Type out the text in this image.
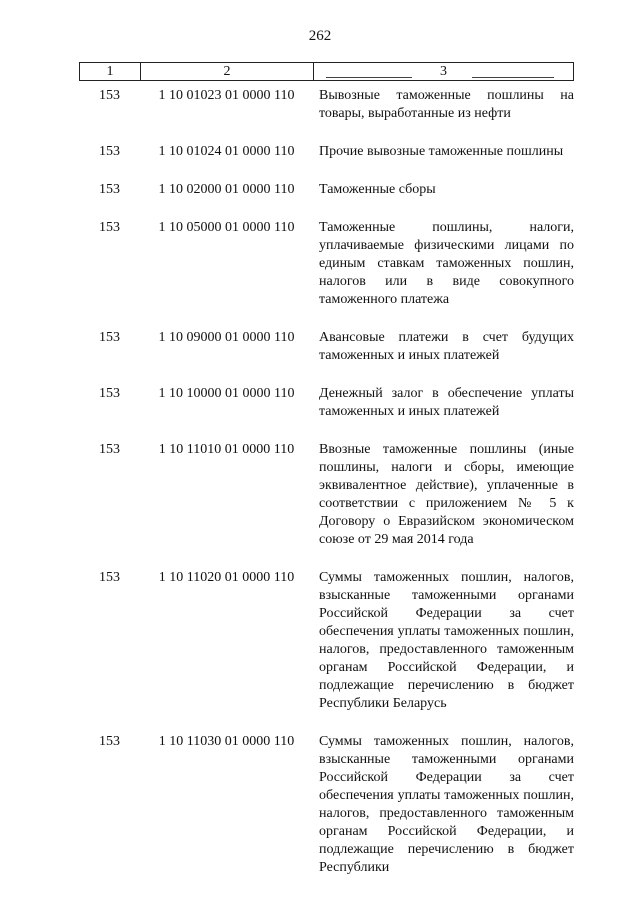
262
1	2	3
153	1 10 01023 01 0000 110	Вывозные таможенные пошлины на товары, выработанные из нефти
153	1 10 01024 01 0000 110	Прочие вывозные таможенные пошлины
153	1 10 02000 01 0000 110	Таможенные сборы
153	1 10 05000 01 0000 110	Таможенные пошлины, налоги, уплачиваемые физическими лицами по единым ставкам таможенных пошлин, налогов или в виде совокупного таможенного платежа
153	1 10 09000 01 0000 110	Авансовые платежи в счет будущих таможенных и иных платежей
153	1 10 10000 01 0000 110	Денежный залог в обеспечение уплаты таможенных и иных платежей
153	1 10 11010 01 0000 110	Ввозные таможенные пошлины (иные пошлины, налоги и сборы, имеющие эквивалентное действие), уплаченные в соответствии с приложением № 5 к Договору о Евразийском экономическом союзе от 29 мая 2014 года
153	1 10 11020 01 0000 110	Суммы таможенных пошлин, налогов, взысканные таможенными органами Российской Федерации за счет обеспечения уплаты таможенных пошлин, налогов, предоставленного таможенным органам Российской Федерации, и подлежащие перечислению в бюджет Республики Беларусь
153	1 10 11030 01 0000 110	Суммы таможенных пошлин, налогов, взысканные таможенными органами Российской Федерации за счет обеспечения уплаты таможенных пошлин, налогов, предоставленного таможенным органам Российской Федерации, и подлежащие перечислению в бюджет Республики
